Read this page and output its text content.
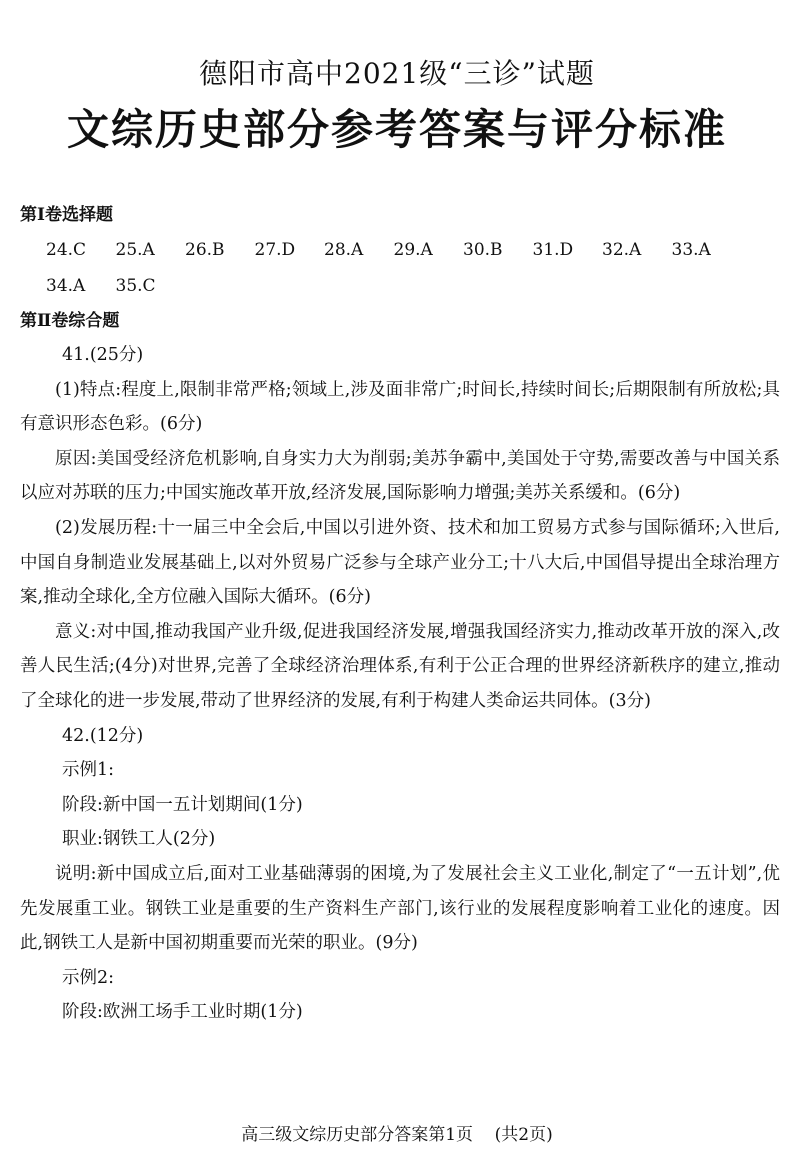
德阳市高中2021级“三诊”试题
文综历史部分参考答案与评分标准
第Ⅰ卷选择题
24.C	25.A	26.B	27.D	28.A	29.A	30.B	31.D	32.A	33.A
34.A	35.C
第Ⅱ卷综合题
41.(25分)

(1)特点:程度上,限制非常严格;领域上,涉及面非常广;时间长,持续时间长;后期限制有所放松;具有意识形态色彩。(6分)

原因:美国受经济危机影响,自身实力大为削弱;美苏争霸中,美国处于守势,需要改善与中国关系以应对苏联的压力;中国实施改革开放,经济发展,国际影响力增强;美苏关系缓和。(6分)

(2)发展历程:十一届三中全会后,中国以引进外资、技术和加工贸易方式参与国际循环;入世后,中国自身制造业发展基础上,以对外贸易广泛参与全球产业分工;十八大后,中国倡导提出全球治理方案,推动全球化,全方位融入国际大循环。(6分)

意义:对中国,推动我国产业升级,促进我国经济发展,增强我国经济实力,推动改革开放的深入,改善人民生活;(4分)对世界,完善了全球经济治理体系,有利于公正合理的世界经济新秩序的建立,推动了全球化的进一步发展,带动了世界经济的发展,有利于构建人类命运共同体。(3分)

42.(12分)
示例1:
阶段:新中国一五计划期间(1分)
职业:钢铁工人(2分)

说明:新中国成立后,面对工业基础薄弱的困境,为了发展社会主义工业化,制定了“一五计划”,优先发展重工业。钢铁工业是重要的生产资料生产部门,该行业的发展程度影响着工业化的速度。因此,钢铁工人是新中国初期重要而光荣的职业。(9分)

示例2:
阶段:欧洲工场手工业时期(1分)
高三级文综历史部分答案第1页    (共2页)
